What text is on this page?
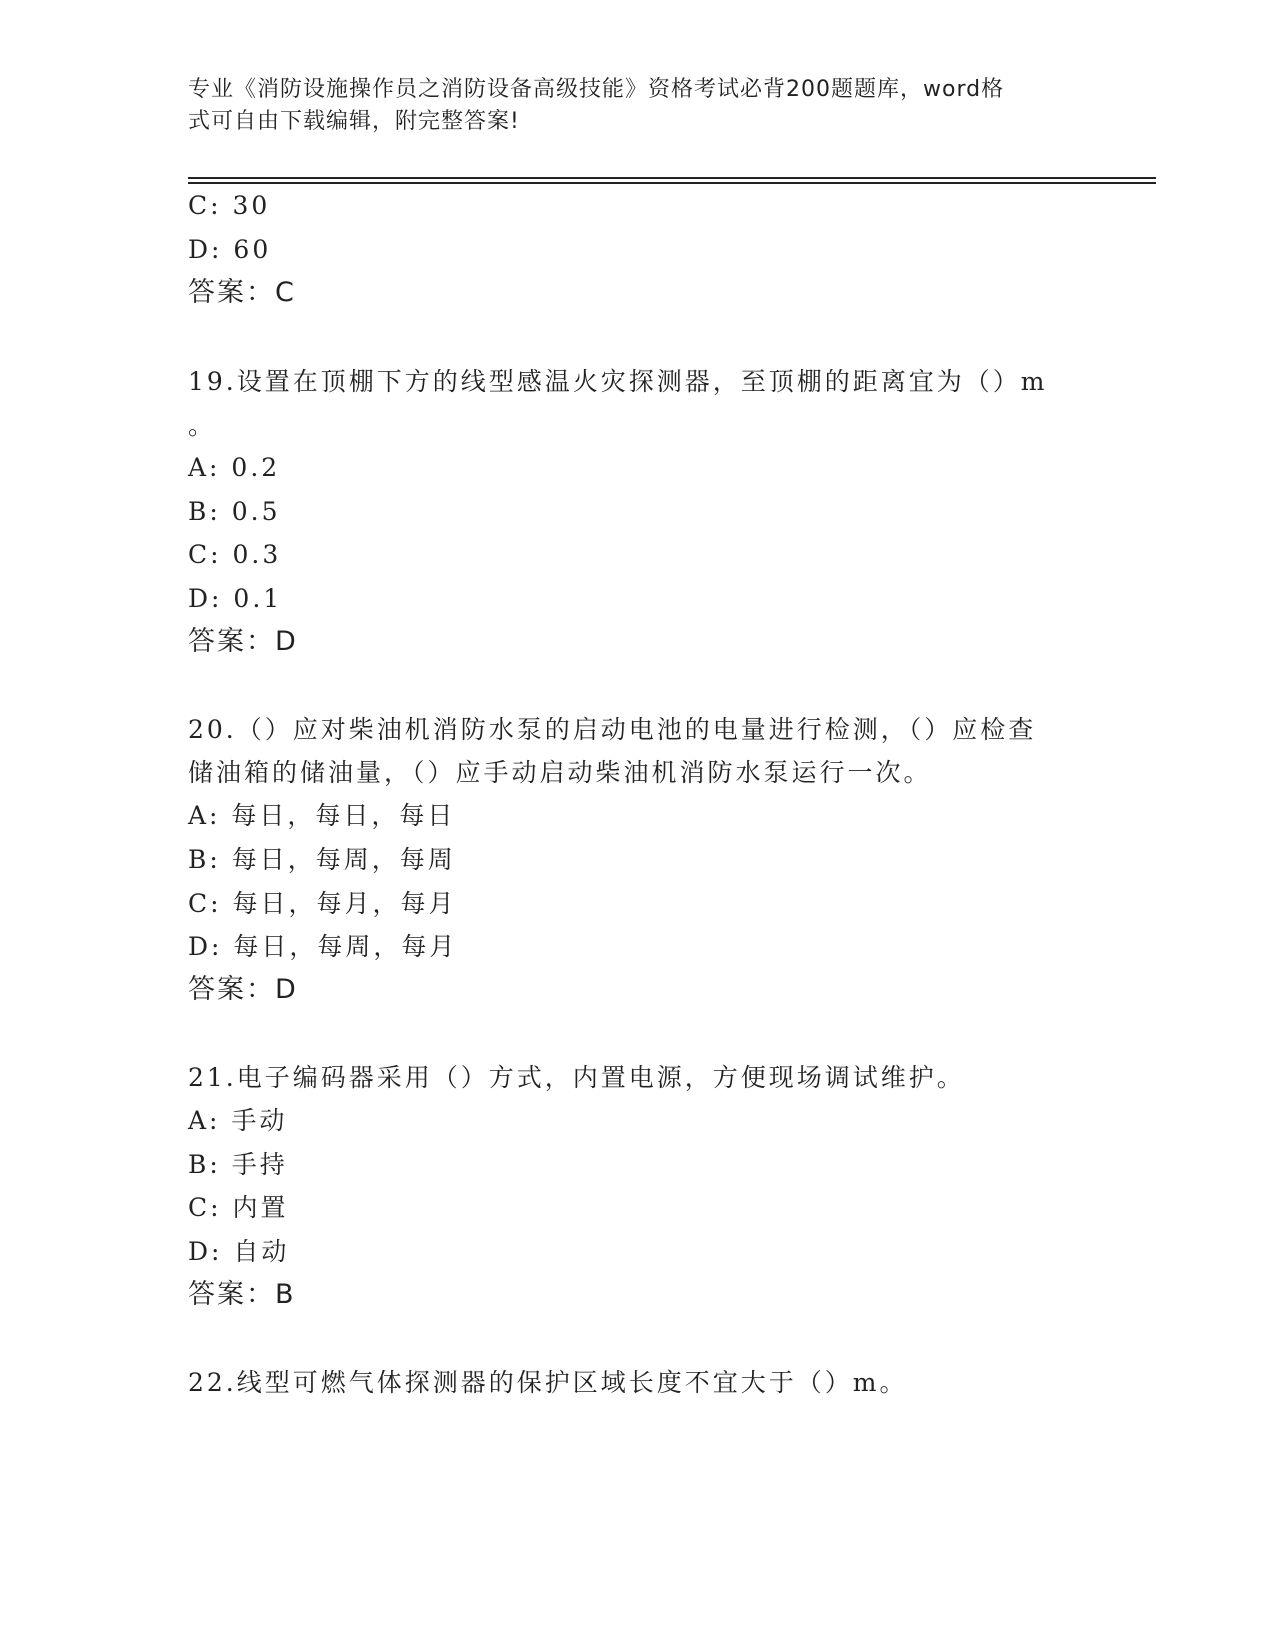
专业《消防设施操作员之消防设备高级技能》资格考试必背200题题库，word格
式可自由下载编辑，附完整答案!
C: 30
D: 60
答案：C
19.设置在顶棚下方的线型感温火灾探测器，至顶棚的距离宜为（）m
。
A: 0.2
B: 0.5
C: 0.3
D: 0.1
答案：D
20.（）应对柴油机消防水泵的启动电池的电量进行检测，（）应检查
储油箱的储油量，（）应手动启动柴油机消防水泵运行一次。
A: 每日，每日，每日
B: 每日，每周，每周
C: 每日，每月，每月
D: 每日，每周，每月
答案：D
21.电子编码器采用（）方式，内置电源，方便现场调试维护。
A: 手动
B: 手持
C: 内置
D: 自动
答案：B
22.线型可燃气体探测器的保护区域长度不宜大于（）m。
